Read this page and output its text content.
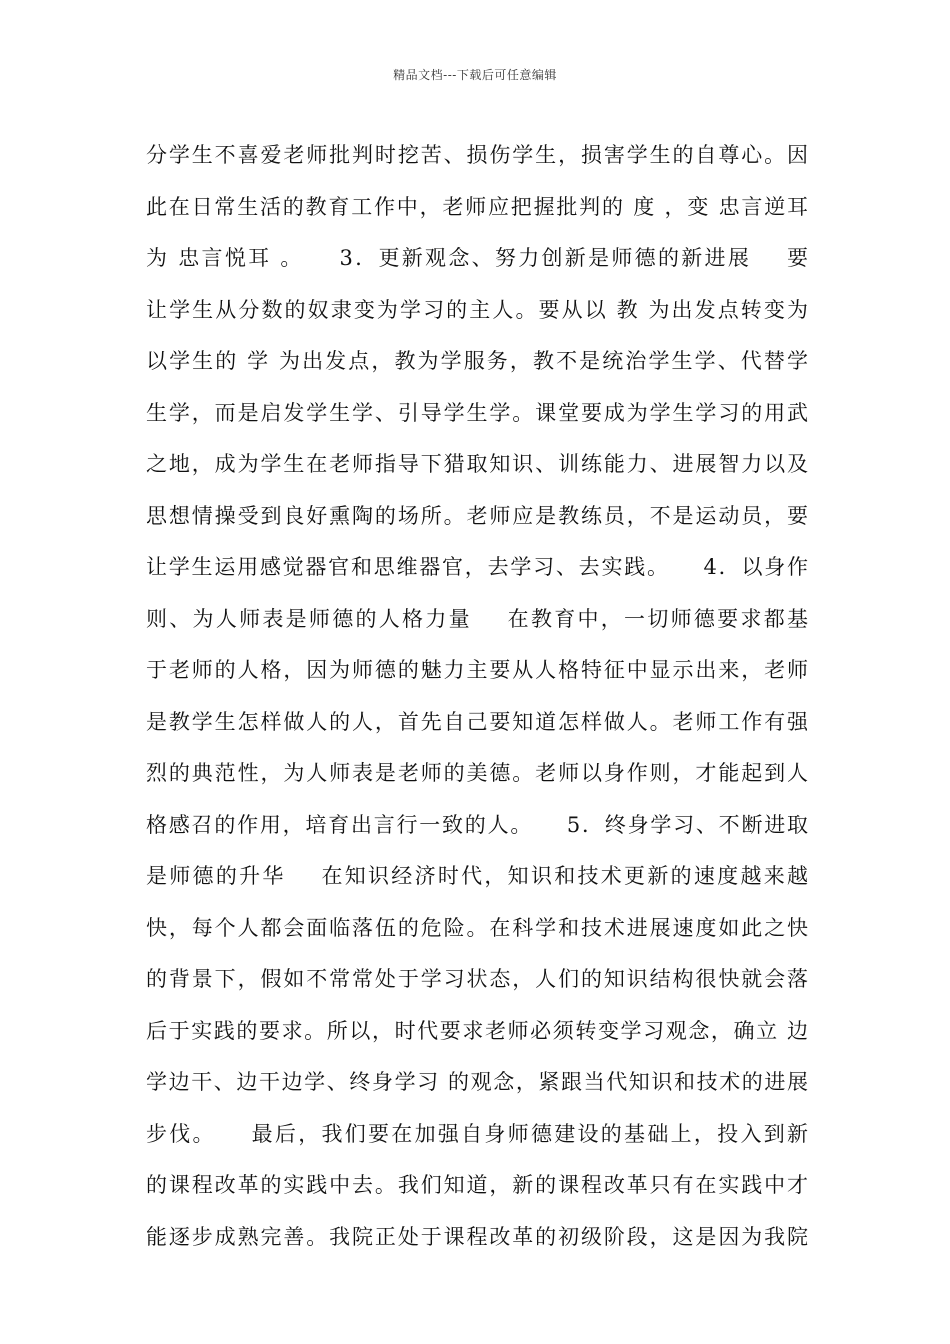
精品文档---下载后可任意编辑
分学生不喜爱老师批判时挖苦、损伤学生，损害学生的自尊心。因
此在日常生活的教育工作中，老师应把握批判的 度 ，变 忠言逆耳
为 忠言悦耳 。    3．更新观念、努力创新是师德的新进展    要
让学生从分数的奴隶变为学习的主人。要从以 教 为出发点转变为
以学生的 学 为出发点，教为学服务，教不是统治学生学、代替学
生学，而是启发学生学、引导学生学。课堂要成为学生学习的用武
之地，成为学生在老师指导下猎取知识、训练能力、进展智力以及
思想情操受到良好熏陶的场所。老师应是教练员，不是运动员，要
让学生运用感觉器官和思维器官，去学习、去实践。    4．以身作
则、为人师表是师德的人格力量    在教育中，一切师德要求都基
于老师的人格，因为师德的魅力主要从人格特征中显示出来，老师
是教学生怎样做人的人，首先自己要知道怎样做人。老师工作有强
烈的典范性，为人师表是老师的美德。老师以身作则，才能起到人
格感召的作用，培育出言行一致的人。    5．终身学习、不断进取
是师德的升华    在知识经济时代，知识和技术更新的速度越来越
快，每个人都会面临落伍的危险。在科学和技术进展速度如此之快
的背景下，假如不常常处于学习状态，人们的知识结构很快就会落
后于实践的要求。所以，时代要求老师必须转变学习观念，确立 边
学边干、边干边学、终身学习 的观念，紧跟当代知识和技术的进展
步伐。    最后，我们要在加强自身师德建设的基础上，投入到新
的课程改革的实践中去。我们知道，新的课程改革只有在实践中才
能逐步成熟完善。我院正处于课程改革的初级阶段，这是因为我院
